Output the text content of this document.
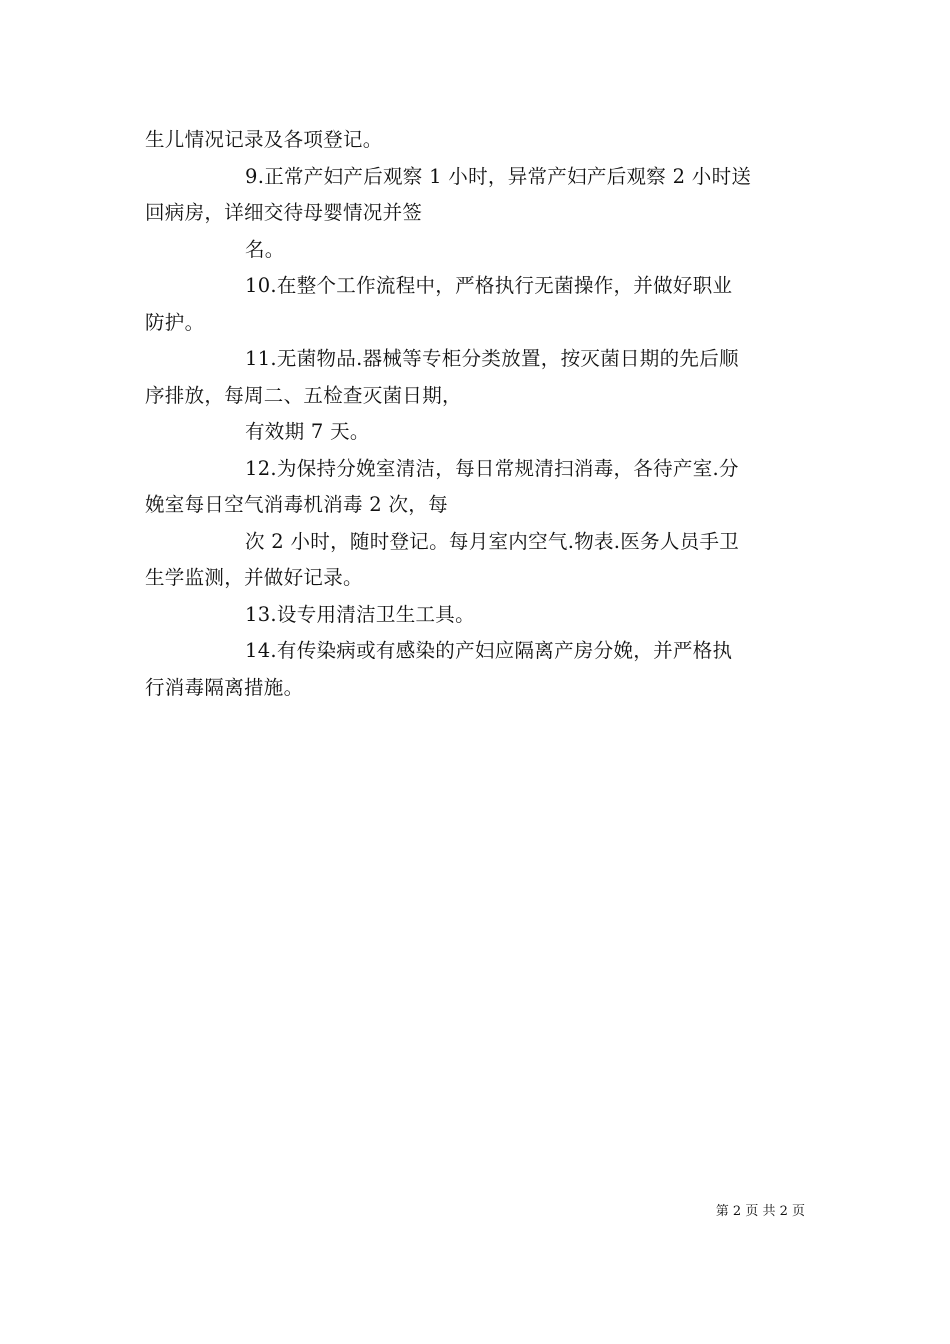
生儿情况记录及各项登记。
9.正常产妇产后观察 1 小时，异常产妇产后观察 2 小时送
回病房，详细交待母婴情况并签
名。
10.在整个工作流程中，严格执行无菌操作，并做好职业
防护。
11.无菌物品.器械等专柜分类放置，按灭菌日期的先后顺
序排放，每周二、五检查灭菌日期，
有效期 7 天。
12.为保持分娩室清洁，每日常规清扫消毒，各待产室.分
娩室每日空气消毒机消毒 2 次，每
次 2 小时，随时登记。每月室内空气.物表.医务人员手卫
生学监测，并做好记录。
13.设专用清洁卫生工具。
14.有传染病或有感染的产妇应隔离产房分娩，并严格执
行消毒隔离措施。
第 2 页 共 2 页
